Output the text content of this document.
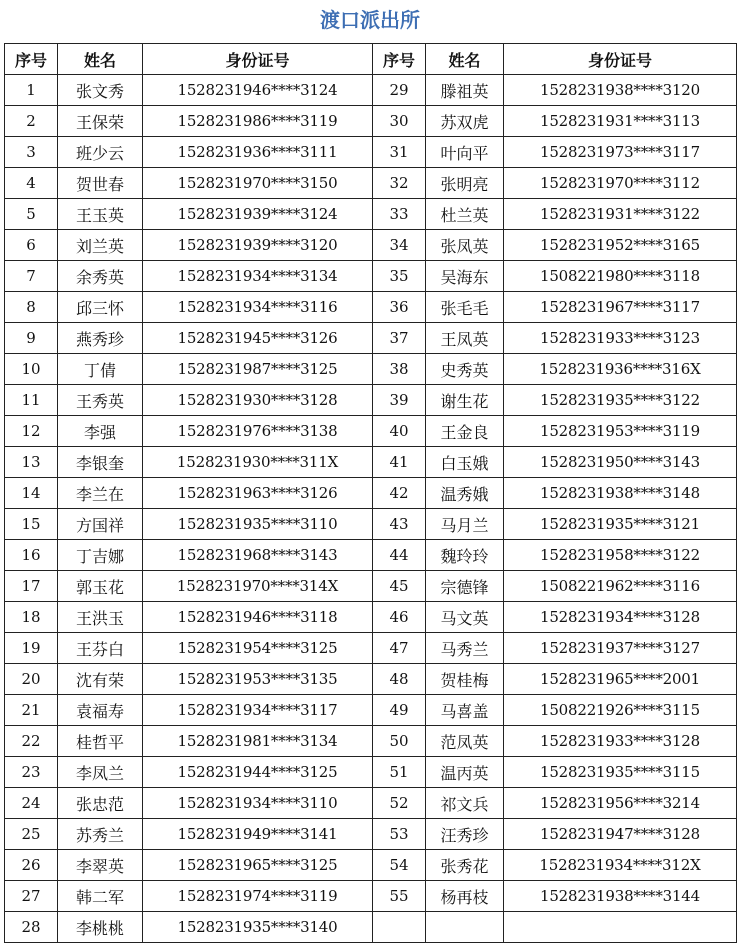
渡口派出所
序号	姓名	身份证号	序号	姓名	身份证号
1	张文秀	1528231946****3124	29	滕祖英	1528231938****3120
2	王保荣	1528231986****3119	30	苏双虎	1528231931****3113
3	班少云	1528231936****3111	31	叶向平	1528231973****3117
4	贺世春	1528231970****3150	32	张明亮	1528231970****3112
5	王玉英	1528231939****3124	33	杜兰英	1528231931****3122
6	刘兰英	1528231939****3120	34	张凤英	1528231952****3165
7	余秀英	1528231934****3134	35	吴海东	1508221980****3118
8	邱三怀	1528231934****3116	36	张毛毛	1528231967****3117
9	燕秀珍	1528231945****3126	37	王凤英	1528231933****3123
10	丁倩	1528231987****3125	38	史秀英	1528231936****316X
11	王秀英	1528231930****3128	39	谢生花	1528231935****3122
12	李强	1528231976****3138	40	王金良	1528231953****3119
13	李银奎	1528231930****311X	41	白玉娥	1528231950****3143
14	李兰在	1528231963****3126	42	温秀娥	1528231938****3148
15	方国祥	1528231935****3110	43	马月兰	1528231935****3121
16	丁吉娜	1528231968****3143	44	魏玲玲	1528231958****3122
17	郭玉花	1528231970****314X	45	宗德锋	1508221962****3116
18	王洪玉	1528231946****3118	46	马文英	1528231934****3128
19	王芬白	1528231954****3125	47	马秀兰	1528231937****3127
20	沈有荣	1528231953****3135	48	贺桂梅	1528231965****2001
21	袁福寿	1528231934****3117	49	马喜盖	1508221926****3115
22	桂哲平	1528231981****3134	50	范凤英	1528231933****3128
23	李凤兰	1528231944****3125	51	温丙英	1528231935****3115
24	张忠范	1528231934****3110	52	祁文兵	1528231956****3214
25	苏秀兰	1528231949****3141	53	汪秀珍	1528231947****3128
26	李翠英	1528231965****3125	54	张秀花	1528231934****312X
27	韩二军	1528231974****3119	55	杨再枝	1528231938****3144
28	李桃桃	1528231935****3140			
